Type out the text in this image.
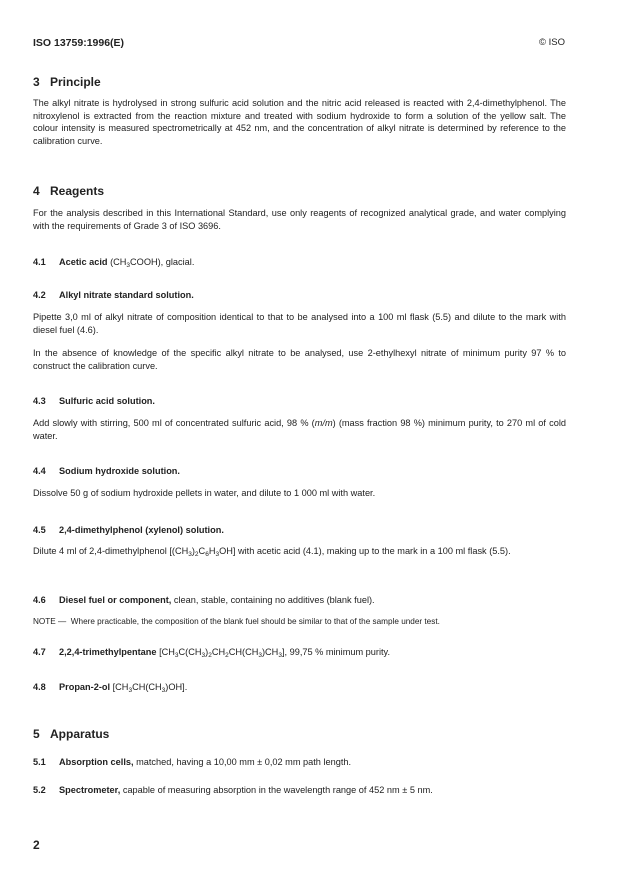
ISO 13759:1996(E)	© ISO
3 Principle
The alkyl nitrate is hydrolysed in strong sulfuric acid solution and the nitric acid released is reacted with 2,4-dimethylphenol. The nitroxylenol is extracted from the reaction mixture and treated with sodium hydroxide to form a solution of the yellow salt. The colour intensity is measured spectrometrically at 452 nm, and the concentration of alkyl nitrate is determined by reference to the calibration curve.
4 Reagents
For the analysis described in this International Standard, use only reagents of recognized analytical grade, and water complying with the requirements of Grade 3 of ISO 3696.
4.1 Acetic acid $(CH_3COOH)$, glacial.
4.2 Alkyl nitrate standard solution.
Pipette 3,0 ml of alkyl nitrate of composition identical to that to be analysed into a 100 ml flask (5.5) and dilute to the mark with diesel fuel (4.6).
In the absence of knowledge of the specific alkyl nitrate to be analysed, use 2-ethylhexyl nitrate of minimum purity 97 % to construct the calibration curve.
4.3 Sulfuric acid solution.
Add slowly with stirring, 500 ml of concentrated sulfuric acid, 98 % (m/m) (mass fraction 98 %) minimum purity, to 270 ml of cold water.
4.4 Sodium hydroxide solution.
Dissolve 50 g of sodium hydroxide pellets in water, and dilute to 1 000 ml with water.
4.5 2,4-dimethylphenol (xylenol) solution.
Dilute 4 ml of 2,4-dimethylphenol $[(CH_3)_2C_6H_3OH]$ with acetic acid (4.1), making up to the mark in a 100 ml flask (5.5).
4.6 Diesel fuel or component, clean, stable, containing no additives (blank fuel).
NOTE — Where practicable, the composition of the blank fuel should be similar to that of the sample under test.
4.7 2,2,4-trimethylpentane $[CH_3C(CH_3)_2CH_2CH(CH_3)CH_3]$, 99,75 % minimum purity.
4.8 Propan-2-ol $[CH_3CH(CH_3)OH]$.
5 Apparatus
5.1 Absorption cells, matched, having a 10,00 mm ± 0,02 mm path length.
5.2 Spectrometer, capable of measuring absorption in the wavelength range of 452 nm ± 5 nm.
2
